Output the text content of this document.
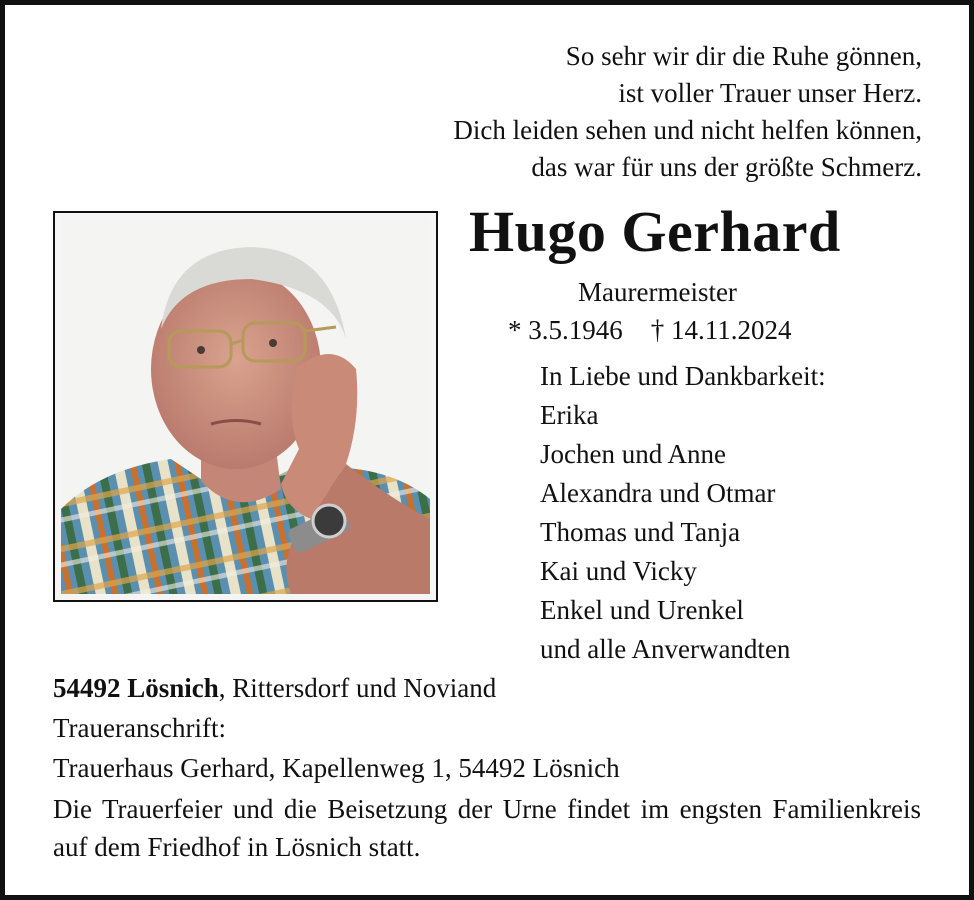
So sehr wir dir die Ruhe gönnen,
ist voller Trauer unser Herz.
Dich leiden sehen und nicht helfen können,
das war für uns der größte Schmerz.
Hugo Gerhard
Maurermeister
* 3.5.1946 † 14.11.2024
In Liebe und Dankbarkeit:
Erika
Jochen und Anne
Alexandra und Otmar
Thomas und Tanja
Kai und Vicky
Enkel und Urenkel
und alle Anverwandten
54492 Lösnich, Rittersdorf und Noviand
Traueranschrift:
Trauerhaus Gerhard, Kapellenweg 1, 54492 Lösnich
Die Trauerfeier und die Beisetzung der Urne findet im engsten Familienkreis auf dem Friedhof in Lösnich statt.
